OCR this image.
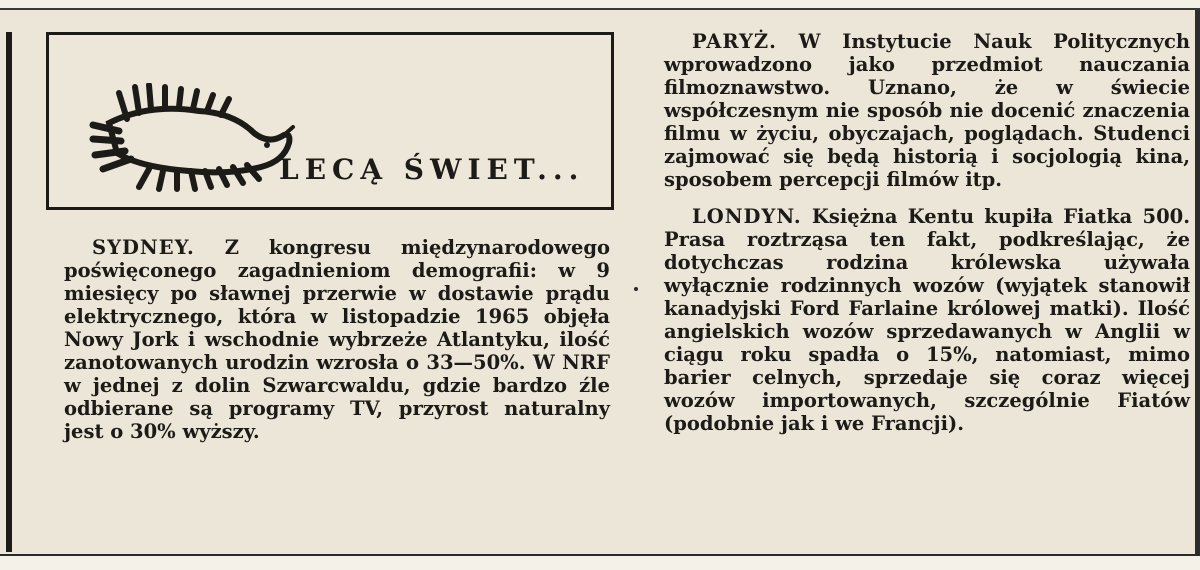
LECĄ ŚWIET...

SYDNEY. Z kongresu międzynarodowego poświęconego zagadnieniom demografii: w 9 miesięcy po sławnej przerwie w dostawie prądu elektrycznego, która w listopadzie 1965 objęła Nowy Jork i wschodnie wybrzeże Atlantyku, ilość zanotowanych urodzin wzrosła o 33—50%. W NRF w jednej z dolin Szwarcwaldu, gdzie bardzo źle odbierane są programy TV, przyrost naturalny jest o 30% wyższy.

PARYŻ. W Instytucie Nauk Politycznych wprowadzono jako przedmiot nauczania filmoznawstwo. Uznano, że w świecie współczesnym nie sposób nie docenić znaczenia filmu w życiu, obyczajach, poglądach. Studenci zajmować się będą historią i socjologią kina, sposobem percepcji filmów itp.

LONDYN. Księżna Kentu kupiła Fiatka 500. Prasa roztrząsa ten fakt, podkreślając, że dotychczas rodzina królewska używała wyłącznie rodzinnych wozów (wyjątek stanowił kanadyjski Ford Farlaine królowej matki). Ilość angielskich wozów sprzedawanych w Anglii w ciągu roku spadła o 15%, natomiast, mimo barier celnych, sprzedaje się coraz więcej wozów importowanych, szczególnie Fiatów (podobnie jak i we Francji).
